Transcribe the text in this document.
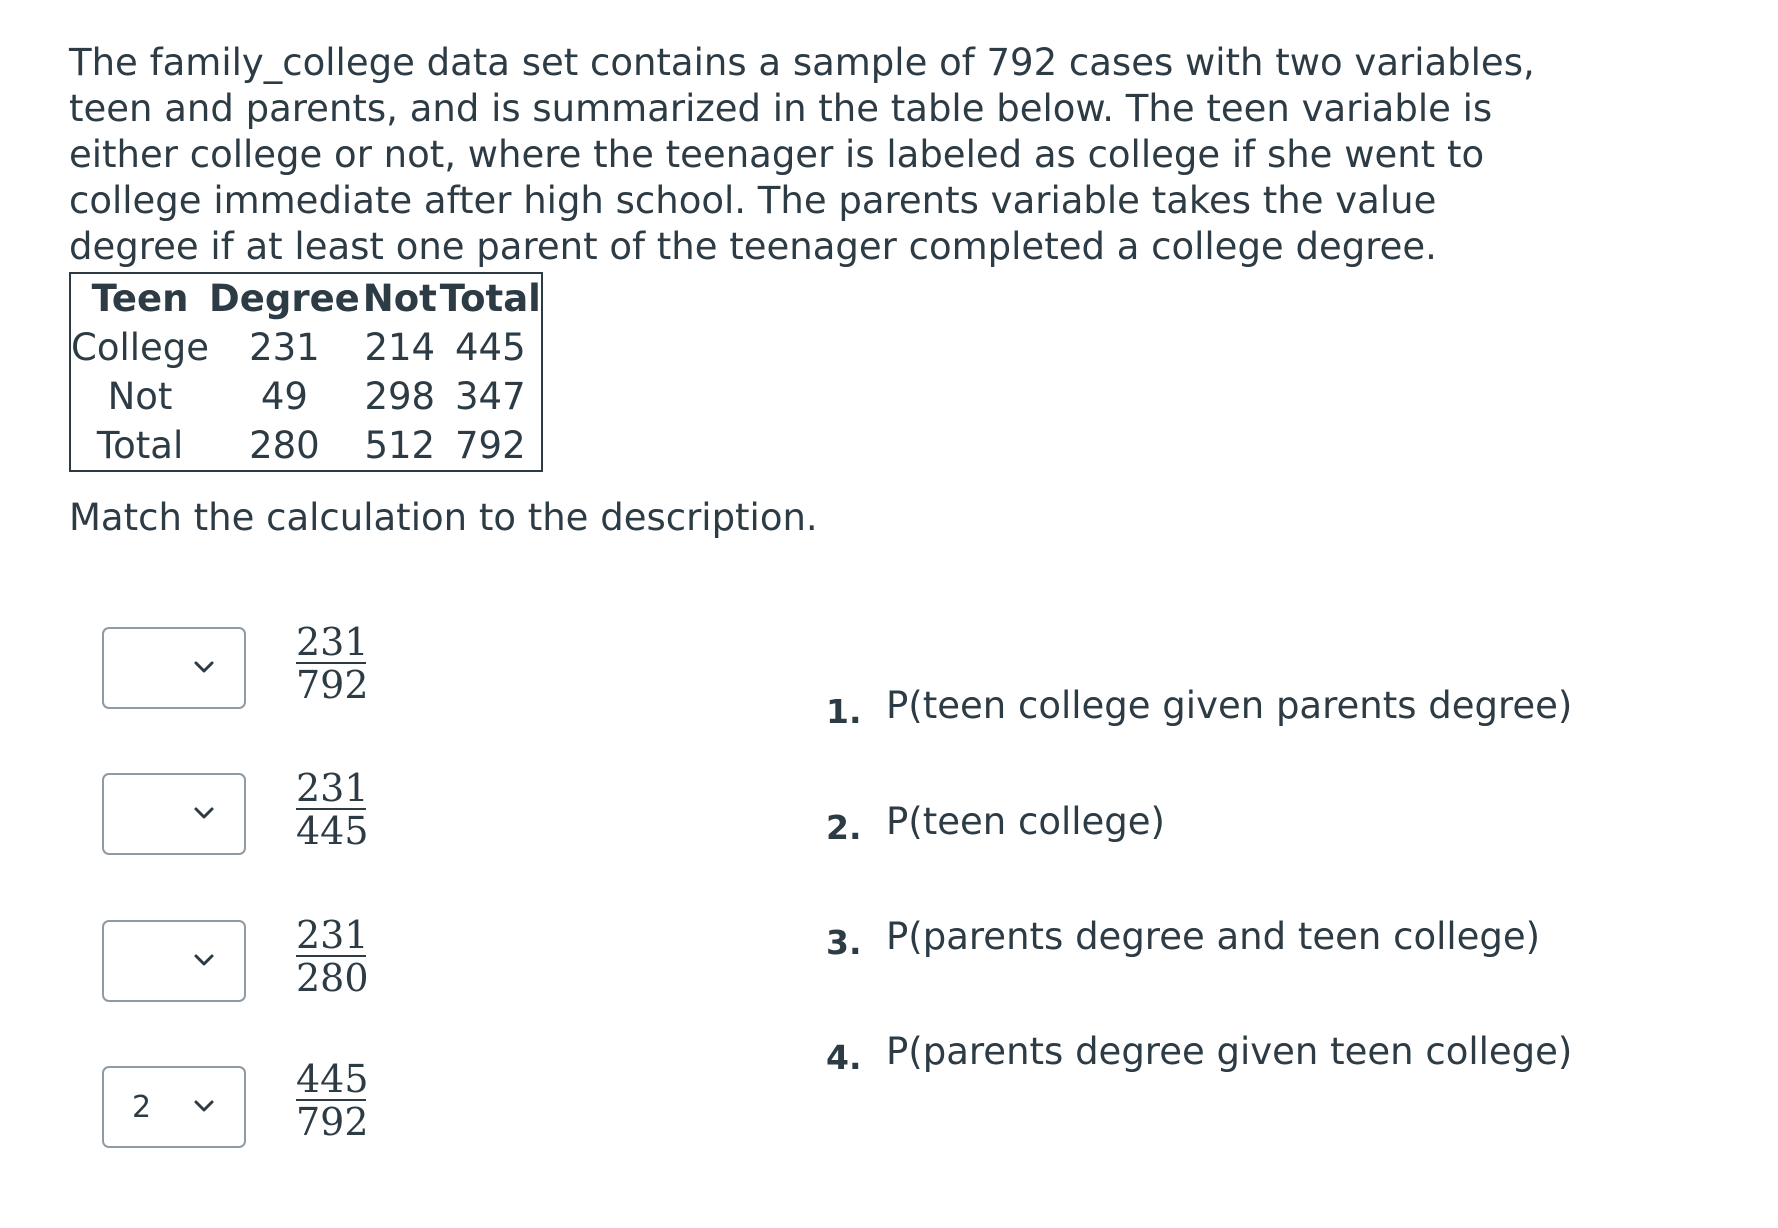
The family_college data set contains a sample of 792 cases with two variables, teen and parents, and is summarized in the table below. The teen variable is either college or not, where the teenager is labeled as college if she went to college immediate after high school. The parents variable takes the value degree if at least one parent of the teenager completed a college degree.

Teen	Degree	Not	Total
College	231	214	445
Not	49	298	347
Total	280	512	792

Match the calculation to the description.

$\frac{231}{792}$
$\frac{231}{445}$
$\frac{231}{280}$
2	$\frac{445}{792}$
1. P(teen college given parents degree)
2. P(teen college)
3. P(parents degree and teen college)
4. P(parents degree given teen college)
